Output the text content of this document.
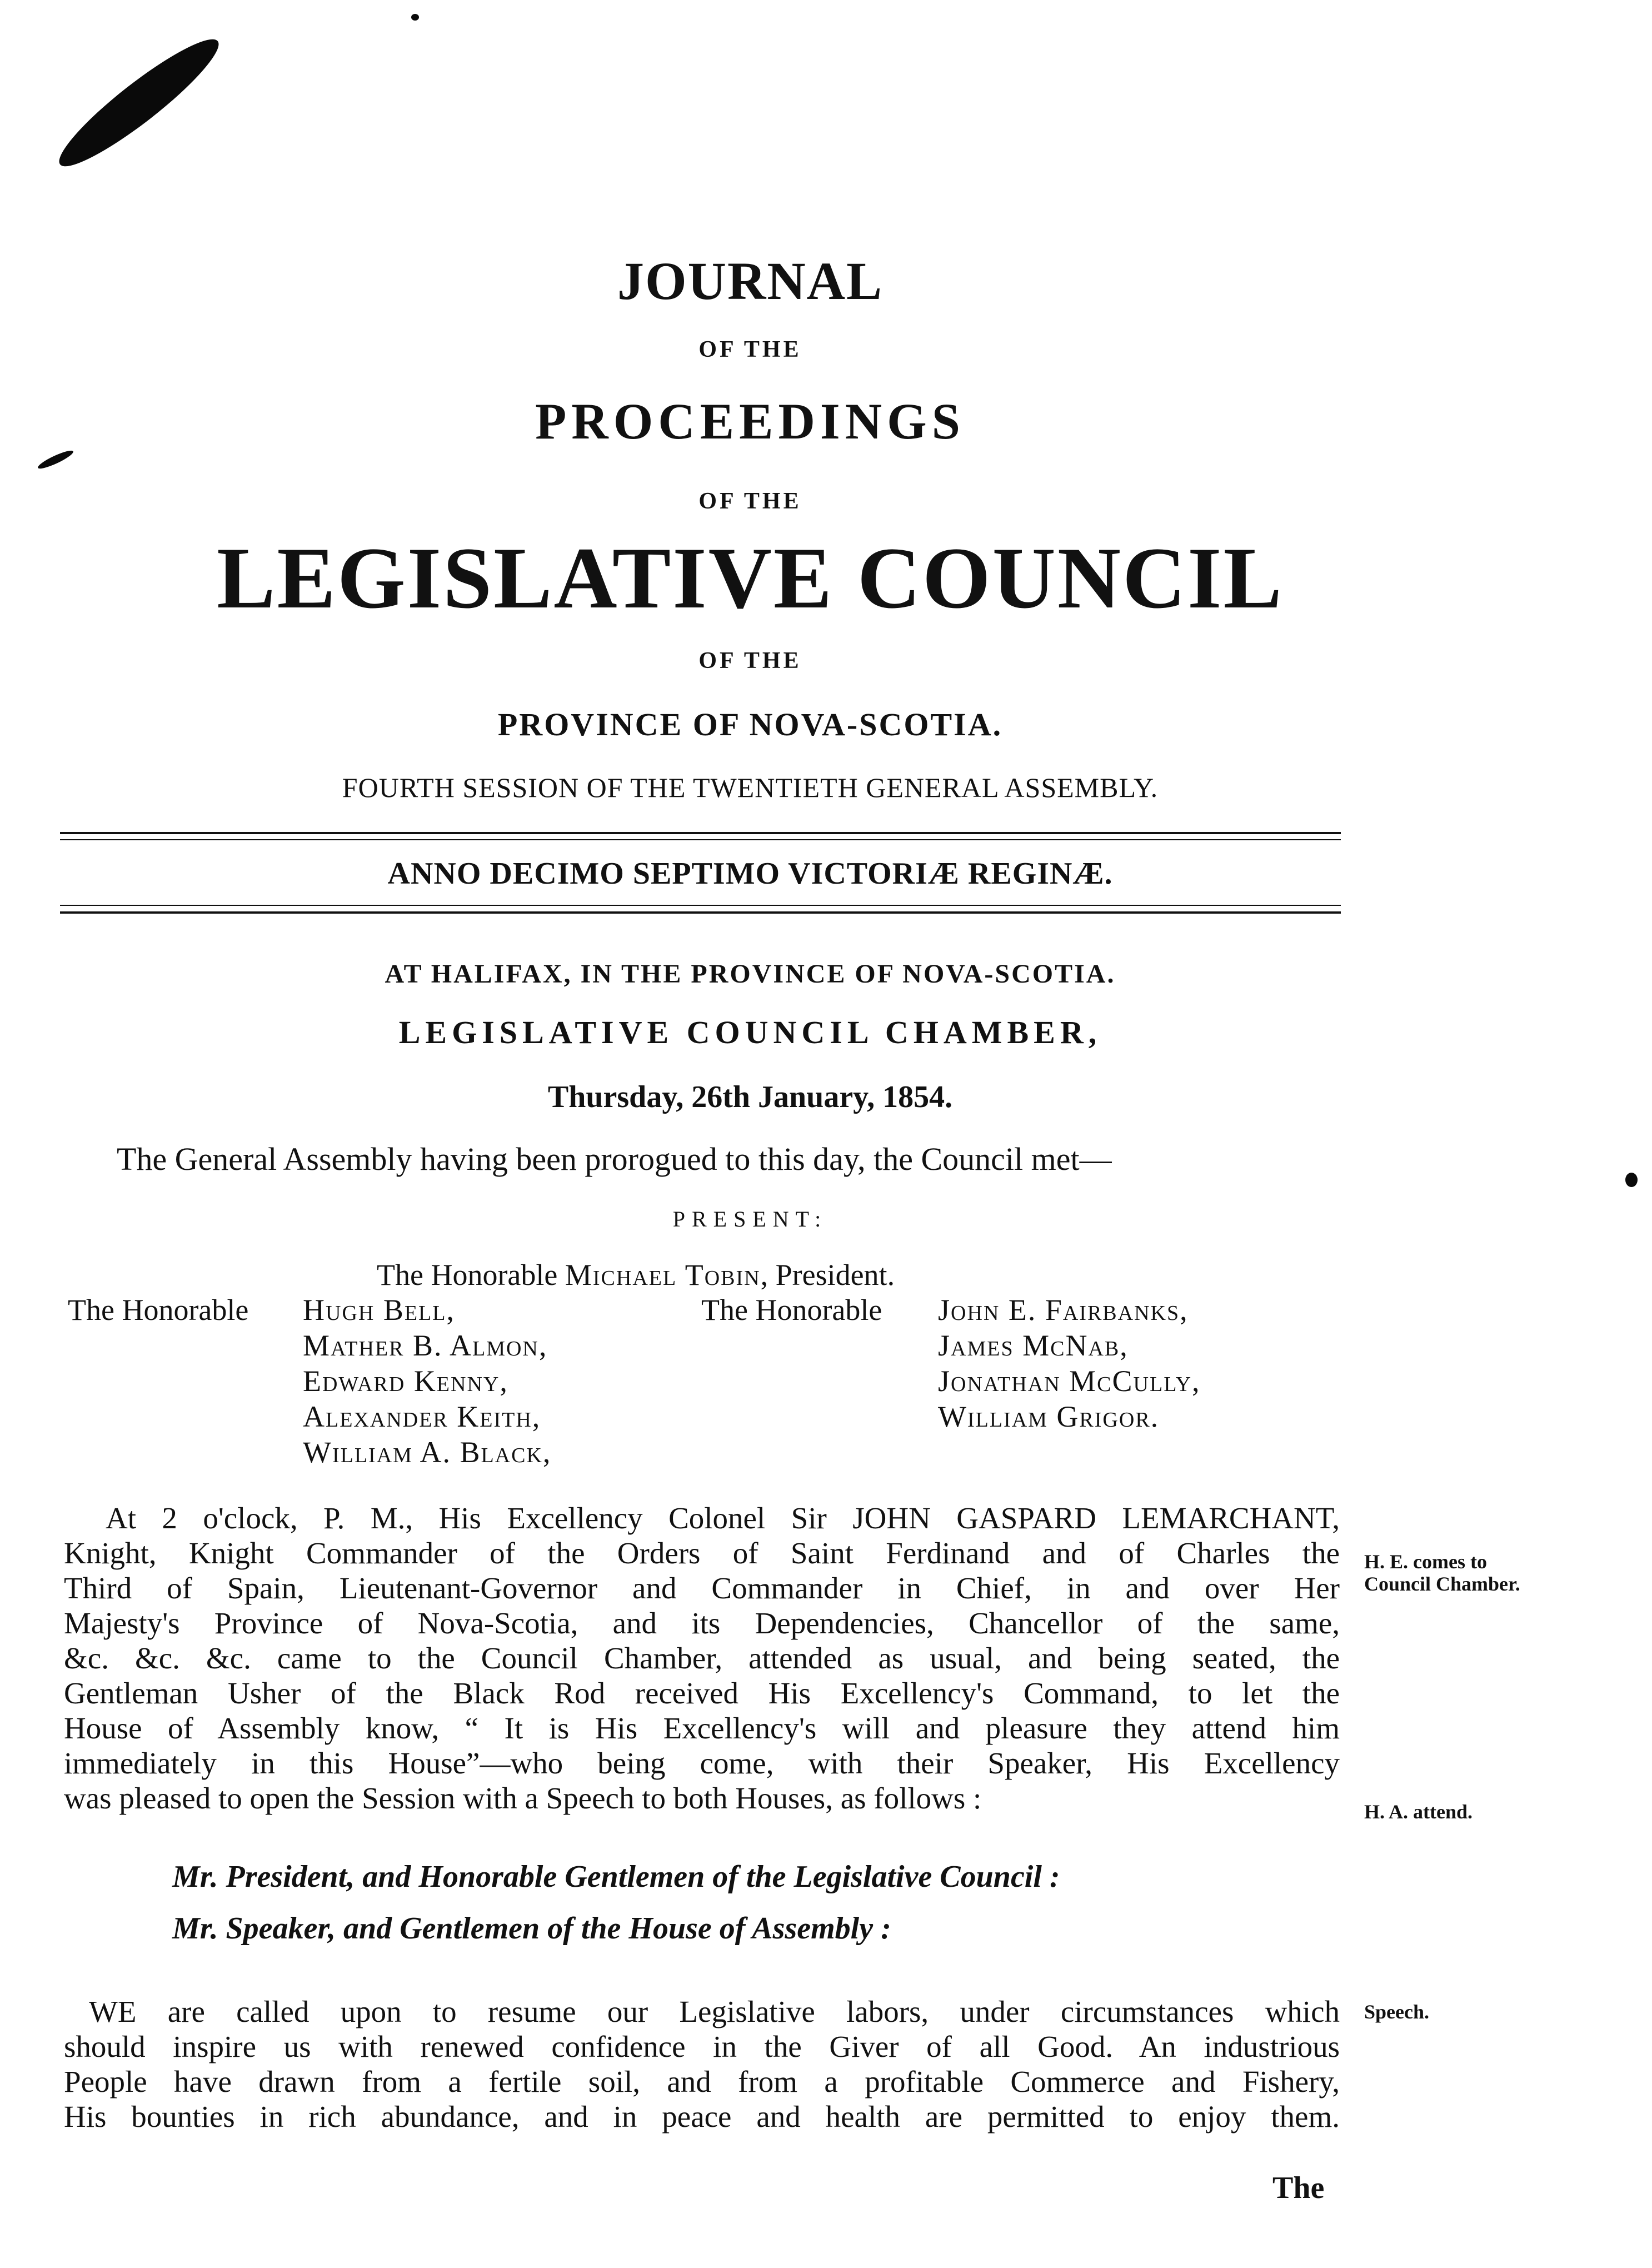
JOURNAL
OF THE
PROCEEDINGS
OF THE
LEGISLATIVE COUNCIL
OF THE
PROVINCE OF NOVA-SCOTIA.
FOURTH SESSION OF THE TWENTIETH GENERAL ASSEMBLY.
ANNO DECIMO SEPTIMO VICTORIÆ REGINÆ.
AT HALIFAX, IN THE PROVINCE OF NOVA-SCOTIA.
LEGISLATIVE COUNCIL CHAMBER,
Thursday, 26th January, 1854.
The General Assembly having been prorogued to this day, the Council met—
PRESENT:
The Honorable Michael Tobin, President.
The Honorable Hugh Bell,
Mather B. Almon,
Edward Kenny,
Alexander Keith,
William A. Black,
The Honorable John E. Fairbanks,
James McNab,
Jonathan McCully,
William Grigor.
At 2 o'clock, P. M., His Excellency Colonel Sir JOHN GASPARD LEMARCHANT,
Knight, Knight Commander of the Orders of Saint Ferdinand and of Charles the
Third of Spain, Lieutenant-Governor and Commander in Chief, in and over Her
Majesty's Province of Nova-Scotia, and its Dependencies, Chancellor of the same,
&c. &c. &c. came to the Council Chamber, attended as usual, and being seated, the
Gentleman Usher of the Black Rod received His Excellency's Command, to let the
House of Assembly know, “ It is His Excellency's will and pleasure they attend him
immediately in this House”—who being come, with their Speaker, His Excellency
was pleased to open the Session with a Speech to both Houses, as follows :
H. E. comes to
Council Chamber.
H. A. attend.
Speech.
Mr. President, and Honorable Gentlemen of the Legislative Council :
Mr. Speaker, and Gentlemen of the House of Assembly :
WE are called upon to resume our Legislative labors, under circumstances which
should inspire us with renewed confidence in the Giver of all Good. An industrious
People have drawn from a fertile soil, and from a profitable Commerce and Fishery,
His bounties in rich abundance, and in peace and health are permitted to enjoy them.
The
